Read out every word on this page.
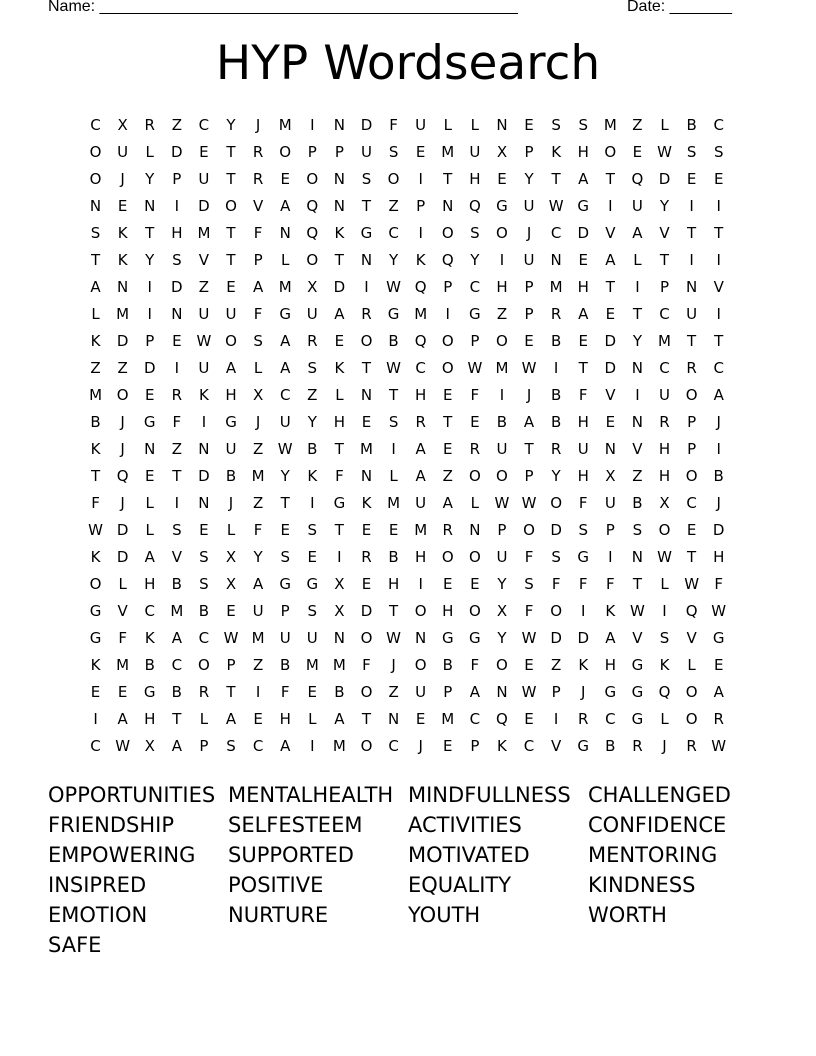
Name: _______________________________________________	Date: _______
HYP Wordsearch
C	X	R	Z	C	Y	J	M	I	N	D	F	U	L	L	N	E	S	S	M	Z	L	B	C
O	U	L	D	E	T	R	O	P	P	U	S	E	M	U	X	P	K	H	O	E W S	S
O	J	Y	P	U	T	R	E	O	N	S	O	I	T	H	E	Y	T	A	T	Q	D	E	E
N	E	N	I	D	O	V	A	Q	N	T	Z	P	N	Q	G	U W G	I	U	Y	I	I
S	K	T	H M	T	F	N	Q	K	G	C	I	O	S	O	J	C	D	V	A	V	T	T
T	K	Y	S	V	T	P	L	O	T	N	Y	K	Q	Y	I	U	N	E	A	L	T	I	I
A	N	I	D	Z	E	A	M	X	D	I	W Q	P	C	H	P	M H	T	I	P	N	V
L	M	I	N	U	U	F	G	U	A	R	G M	I	G	Z	P	R	A	E	T	C	U	I
K	D	P	E W O	S	A	R	E	O	B	Q	O	P	O	E	B	E	D	Y	M	T	T
Z	Z	D	I	U	A	L	A	S	K	T	W C	O W M W	I	T	D	N	C	R	C
M O	E	R	K	H	X	C	Z	L	N	T	H	E	F	I	J	B	F	V	I	U	O	A
B	J	G	F	I	G	J	U	Y	H	E	S	R	T	E	B	A	B	H	E	N	R	P	J
K	J	N	Z	N	U	Z W B	T	M	I	A	E	R	U	T	R	U	N	V	H	P	I
T	Q	E	T	D	B	M	Y	K	F	N	L	A	Z	O	O	P	Y	H	X	Z	H	O	B
F	J	L	I	N	J	Z	T	I	G	K	M	U	A	L	W W O	F	U	B	X	C	J
W D	L	S	E	L	F	E	S	T	E	E	M	R	N	P	O	D	S	P	S	O	E	D
K	D	A	V	S	X	Y	S	E	I	R	B	H	O	O	U	F	S	G	I	N W	T	H
O	L	H	B	S	X	A	G	G	X	E	H	I	E	E	Y	S	F	F	F	T	L	W	F
G	V	C	M	B	E	U	P	S	X	D	T	O	H	O	X	F	O	I	K W	I	Q W
G	F	K	A	C W M	U	U	N	O W N	G	G	Y	W D	D	A	V	S	V	G
K	M	B	C	O	P	Z	B	M M	F	J	O	B	F	O	E	Z	K	H	G	K	L	E
E	E	G	B	R	T	I	F	E	B	O	Z	U	P	A	N W	P	J	G	G	Q	O	A
I	A	H	T	L	A	E	H	L	A	T	N	E	M	C	Q	E	I	R	C	G	L	O	R
C W X	A	P	S	C	A	I	M O	C	J	E	P	K	C	V	G	B	R	J	R W
OPPORTUNITIES MENTALHEALTH MINDFULLNESS CHALLENGED
FRIENDSHIP	SELFESTEEM	ACTIVITIES	CONFIDENCE
EMPOWERING	SUPPORTED	MOTIVATED	MENTORING
INSIPRED	POSITIVE	EQUALITY	KINDNESS
EMOTION	NURTURE	YOUTH	WORTH
SAFE
